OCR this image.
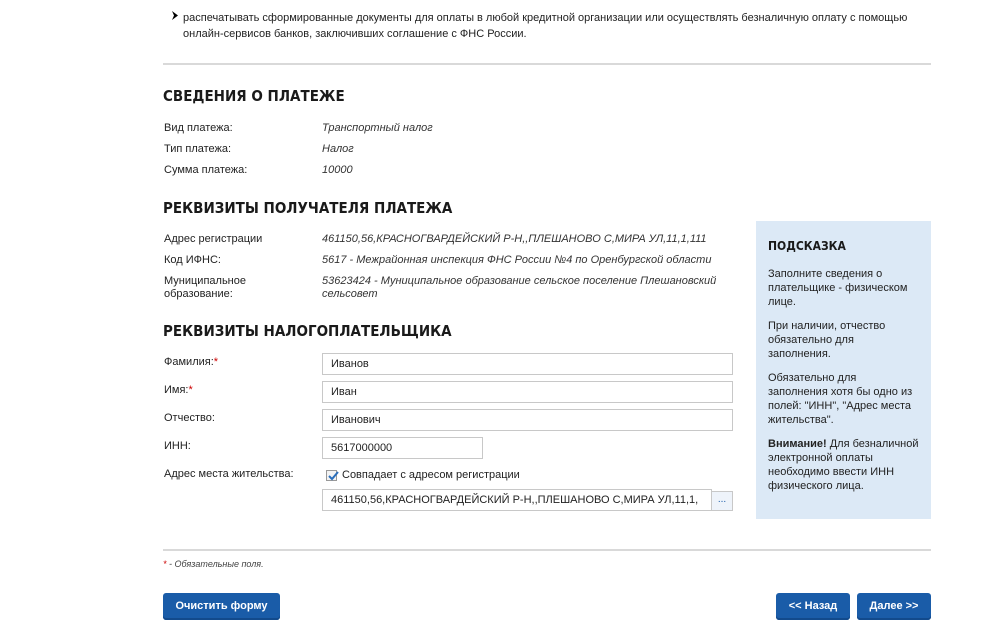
распечатывать сформированные документы для оплаты в любой кредитной организации или осуществлять безналичную оплату с помощью онлайн-сервисов банков, заключивших соглашение с ФНС России.
СВЕДЕНИЯ О ПЛАТЕЖЕ
Вид платежа:	Транспортный налог
Тип платежа:	Налог
Сумма платежа:	10000
РЕКВИЗИТЫ ПОЛУЧАТЕЛЯ ПЛАТЕЖА
Адрес регистрации	461150,56,КРАСНОГВАРДЕЙСКИЙ Р-Н,,ПЛЕШАНОВО С,МИРА УЛ,11,1,111
Код ИФНС:	5617 - Межрайонная инспекция ФНС России №4 по Оренбургской области
Муниципальное образование:
53623424 - Муниципальное образование сельское поселение Плешановский сельсовет
РЕКВИЗИТЫ НАЛОГОПЛАТЕЛЬЩИКА
Фамилия:*	Иванов
Имя:*	Иван
Отчество:	Иванович
ИНН:	5617000000
Адрес места жительства:	Совпадает с адресом регистрации
461150,56,КРАСНОГВАРДЕЙСКИЙ Р-Н,,ПЛЕШАНОВО С,МИРА УЛ,11,1,	...
ПОДСКАЗКА

Заполните сведения о плательщике - физическом лице.

При наличии, отчество обязательно для заполнения.

Обязательно для заполнения хотя бы одно из полей: "ИНН", "Адрес места жительства".

Внимание! Для безналичной электронной оплаты необходимо ввести ИНН физического лица.

* - Обязательные поля.
Очистить форму	<< Назад	Далее >>
